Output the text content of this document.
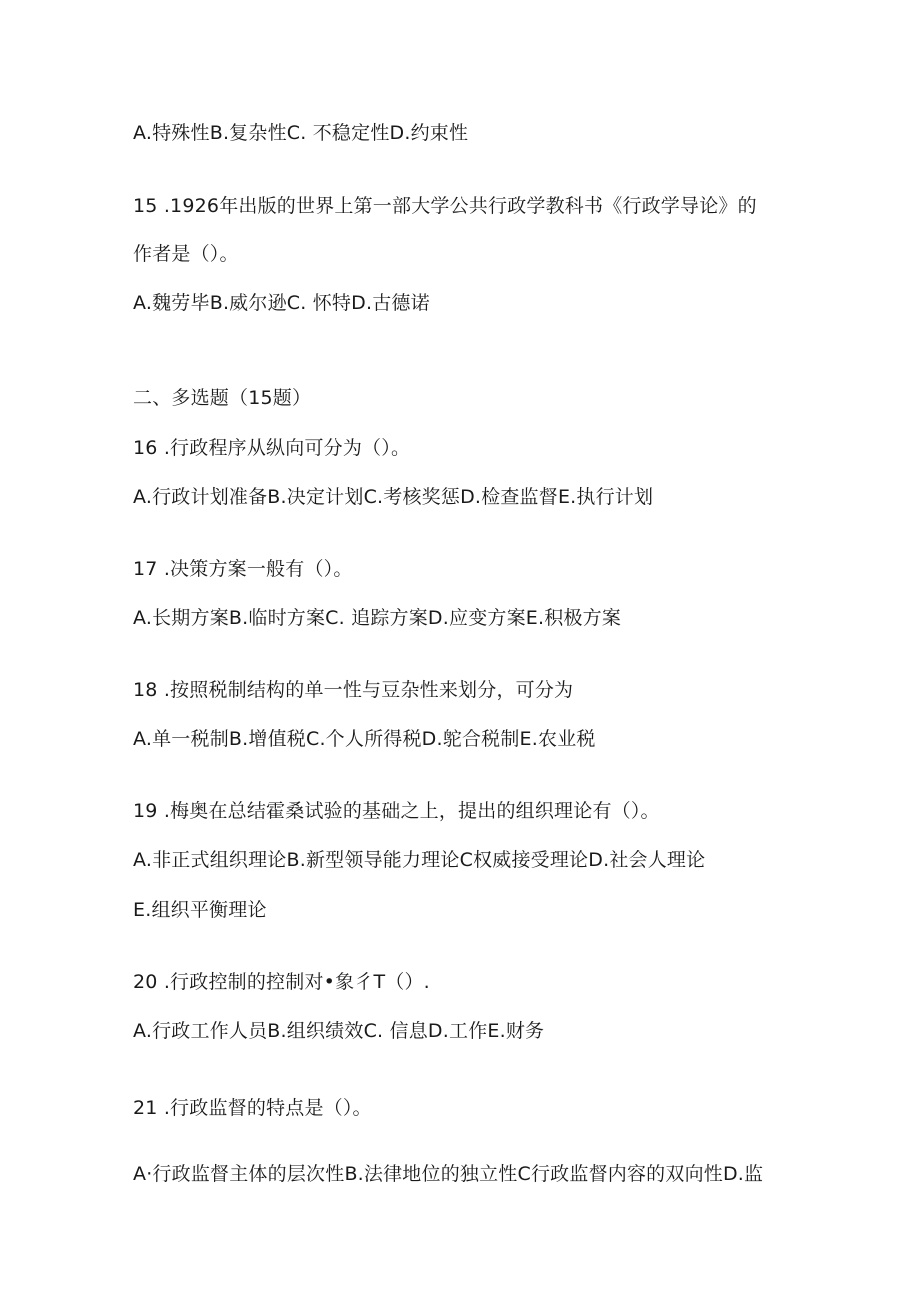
A.特殊性B.复杂性C. 不稳定性D.约束性
15 .1926年出版的世界上第一部大学公共行政学教科书《行政学导论》的
作者是（）。
A.魏劳毕B.威尔逊C. 怀特D.古德诺
二、多选题（15题）
16 .行政程序从纵向可分为（）。
A.行政计划准备B.决定计划C.考核奖惩D.检查监督E.执行计划
17 .决策方案一般有（）。
A.长期方案B.临时方案C. 追踪方案D.应变方案E.积极方案
18 .按照税制结构的单一性与豆杂性来划分，可分为
A.单一税制B.增值税C.个人所得税D.鸵合税制E.农业税
19 .梅奥在总结霍桑试验的基础之上，提出的组织理论有（）。
A.非正式组织理论B.新型领导能力理论C权威接受理论D.社会人理论
E.组织平衡理论
20 .行政控制的控制对•象彳T（）.
A.行政工作人员B.组织绩效C. 信息D.工作E.财务
21 .行政监督的特点是（）。
A·行政监督主体的层次性B.法律地位的独立性C行政监督内容的双向性D.监
